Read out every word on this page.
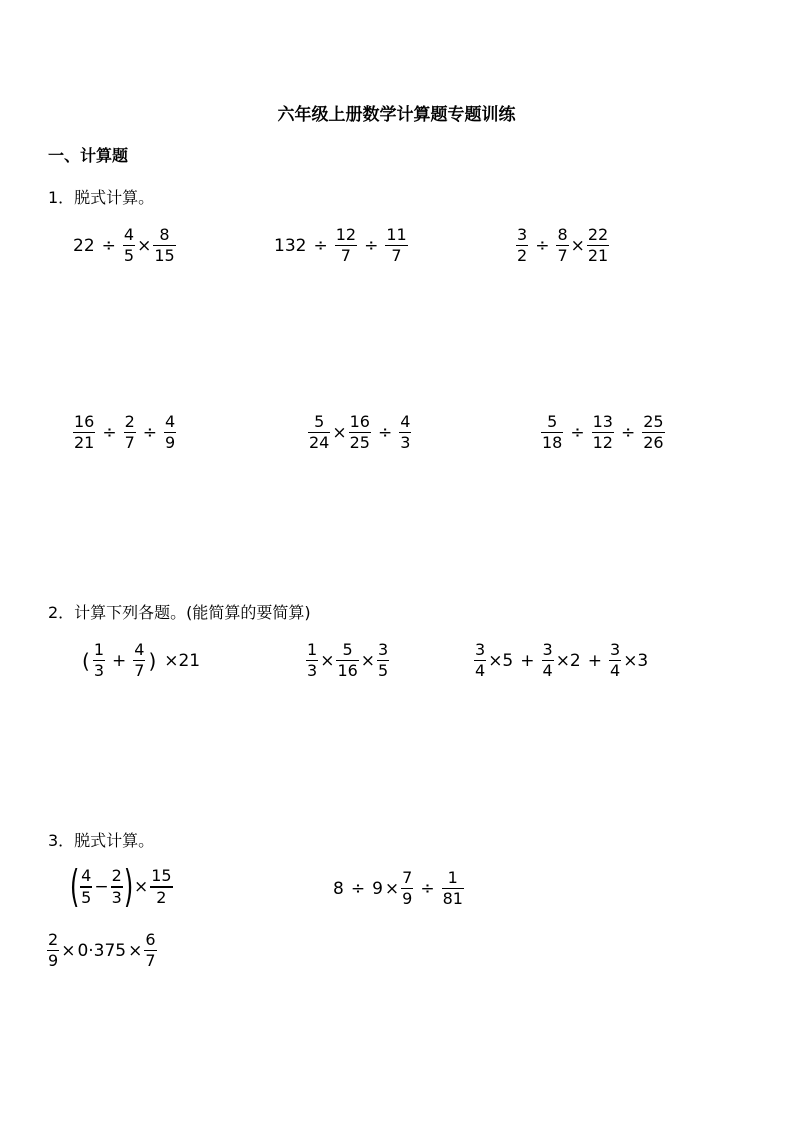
六年级上册数学计算题专题训练
一、计算题
1．脱式计算。
$22 \div \frac{4}{5} \times \frac{8}{15}$	$132 \div \frac{12}{7} \div \frac{11}{7}$	$\frac{3}{2} \div \frac{8}{7} \times \frac{22}{21}$
$\frac{16}{21} \div \frac{2}{7} \div \frac{4}{9}$	$\frac{5}{24} \times \frac{16}{25} \div \frac{4}{3}$	$\frac{5}{18} \div \frac{13}{12} \div \frac{25}{26}$
2．计算下列各题。(能简算的要简算)
( $\frac{1}{3} + \frac{4}{7}$ ) ×21	$\frac{1}{3} \times \frac{5}{16} \times \frac{3}{5}$	$\frac{3}{4} \times 5 + \frac{3}{4} \times 2 + \frac{3}{4} \times 3$
3．脱式计算。
( $\frac{4}{5} - \frac{2}{3}$ ) × $\frac{15}{2}$	$8 \div 9 \times \frac{7}{9} \div \frac{1}{81}$
$\frac{2}{9} \times 0\cdot 375 \times \frac{6}{7}$
